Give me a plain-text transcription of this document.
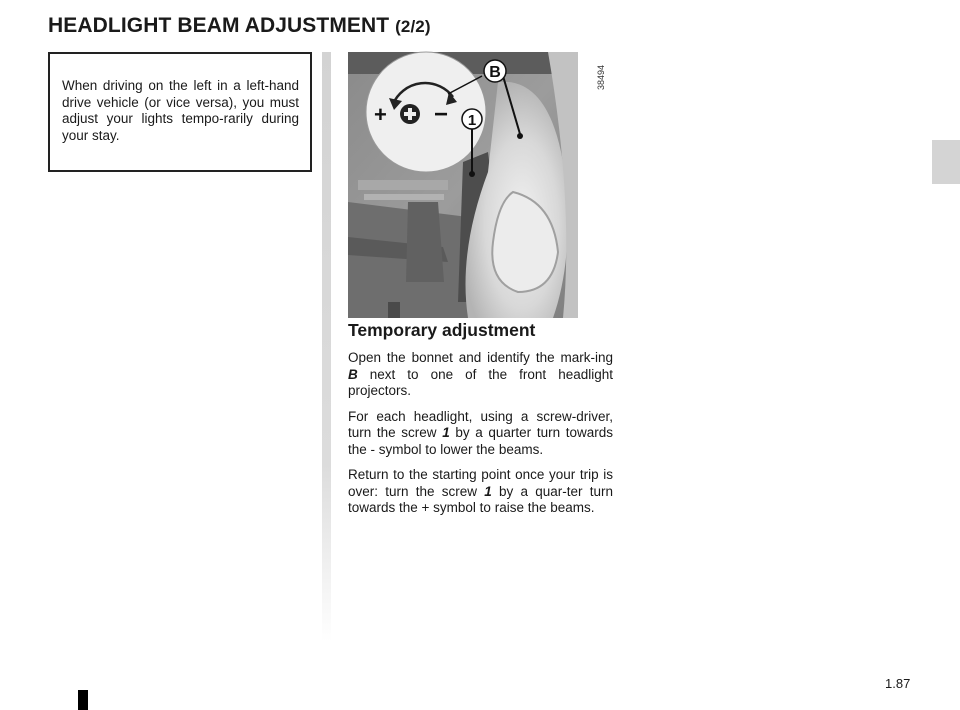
HEADLIGHT BEAM ADJUSTMENT (2/2)
When driving on the left in a left-hand drive vehicle (or vice versa), you must adjust your lights tempo-rarily during your stay.
+ −
B
1
38494
Temporary adjustment

Open the bonnet and identify the mark-ing B next to one of the front headlight projectors.

For each headlight, using a screw-driver, turn the screw 1 by a quarter turn towards the - symbol to lower the beams.

Return to the starting point once your trip is over: turn the screw 1 by a quar-ter turn towards the + symbol to raise the beams.

1.87
